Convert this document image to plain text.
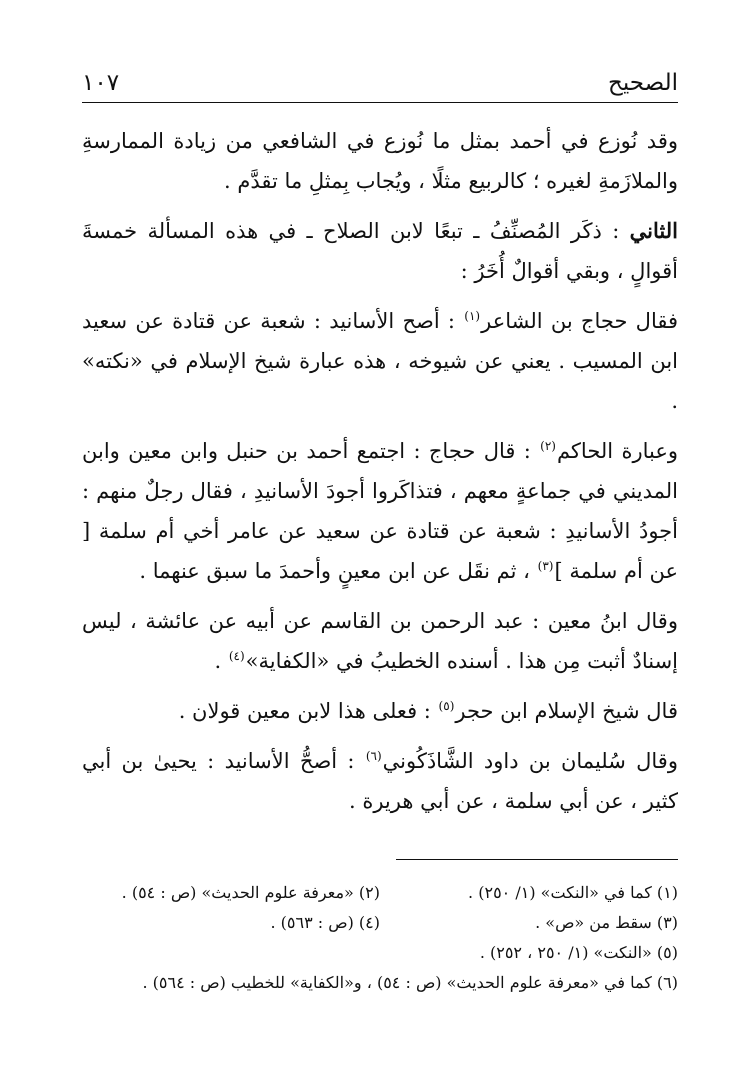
الصحيح
١٠٧

وقد نُوزع في أحمد بمثل ما نُوزع في الشافعي من زيادة الممارسةِ والملازَمةِ لغيره ؛ كالربيع مثلًا ، ويُجاب بِمثلِ ما تقدَّم .

الثاني : ذكَر المُصنِّفُ ـ تبعًا لابن الصلاح ـ في هذه المسألة خمسةَ أقوالٍ ، وبقي أقوالٌ أُخَرُ :

فقال حجاج بن الشاعر$^{(١)}$ : أصح الأسانيد : شعبة عن قتادة عن سعيد ابن المسيب . يعني عن شيوخه ، هذه عبارة شيخ الإسلام في «نكته» .

وعبارة الحاكم$^{(٢)}$ : قال حجاج : اجتمع أحمد بن حنبل وابن معين وابن المديني في جماعةٍ معهم ، فتذاكَروا أجودَ الأسانيدِ ، فقال رجلٌ منهم : أجودُ الأسانيدِ : شعبة عن قتادة عن سعيد عن عامر أخي أم سلمة [ عن أم سلمة ]$^{(٣)}$ ، ثم نقَل عن ابن معينٍ وأحمدَ ما سبق عنهما .

وقال ابنُ معين : عبد الرحمن بن القاسم عن أبيه عن عائشة ، ليس إسنادٌ أثبت مِن هذا . أسنده الخطيبُ في «الكفاية»$^{(٤)}$ .

قال شيخ الإسلام ابن حجر$^{(٥)}$ : فعلى هذا لابن معين قولان .

وقال سُليمان بن داود الشَّاذَكُوني$^{(٦)}$ : أصحُّ الأسانيد : يحيىٰ بن أبي كثير ، عن أبي سلمة ، عن أبي هريرة .

(١) كما في «النكت» (١/ ٢٥٠) .
(٢) «معرفة علوم الحديث» (ص : ٥٤) .
(٣) سقط من «ص» .
(٤) (ص : ٥٦٣) .
(٥) «النكت» (١/ ٢٥٠ ، ٢٥٢) .
(٦) كما في «معرفة علوم الحديث» (ص : ٥٤) ، و«الكفاية» للخطيب (ص : ٥٦٤) .
